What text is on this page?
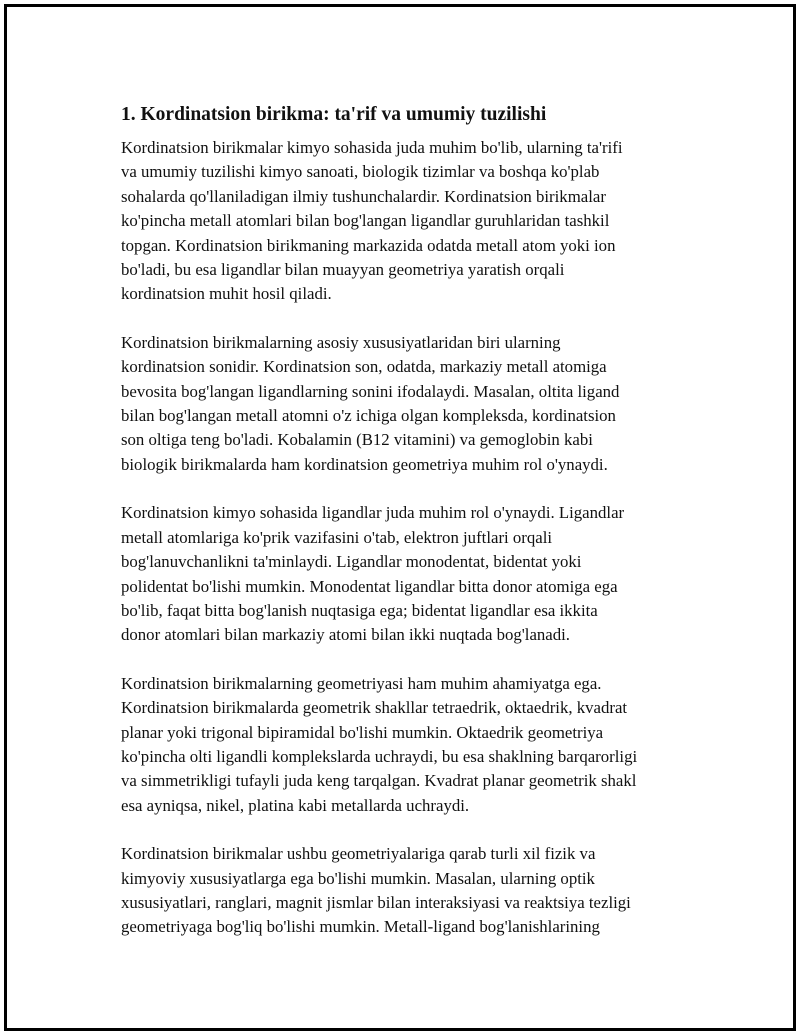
1. Kordinatsion birikma: ta'rif va umumiy tuzilishi

Kordinatsion birikmalar kimyo sohasida juda muhim bo'lib, ularning ta'rifi
va umumiy tuzilishi kimyo sanoati, biologik tizimlar va boshqa ko'plab
sohalarda qo'llaniladigan ilmiy tushunchalardir. Kordinatsion birikmalar
ko'pincha metall atomlari bilan bog'langan ligandlar guruhlaridan tashkil
topgan. Kordinatsion birikmaning markazida odatda metall atom yoki ion
bo'ladi, bu esa ligandlar bilan muayyan geometriya yaratish orqali
kordinatsion muhit hosil qiladi.

Kordinatsion birikmalarning asosiy xususiyatlaridan biri ularning
kordinatsion sonidir. Kordinatsion son, odatda, markaziy metall atomiga
bevosita bog'langan ligandlarning sonini ifodalaydi. Masalan, oltita ligand
bilan bog'langan metall atomni o'z ichiga olgan kompleksda, kordinatsion
son oltiga teng bo'ladi. Kobalamin (B12 vitamini) va gemoglobin kabi
biologik birikmalarda ham kordinatsion geometriya muhim rol o'ynaydi.

Kordinatsion kimyo sohasida ligandlar juda muhim rol o'ynaydi. Ligandlar
metall atomlariga ko'prik vazifasini o'tab, elektron juftlari orqali
bog'lanuvchanlikni ta'minlaydi. Ligandlar monodentat, bidentat yoki
polidentat bo'lishi mumkin. Monodentat ligandlar bitta donor atomiga ega
bo'lib, faqat bitta bog'lanish nuqtasiga ega; bidentat ligandlar esa ikkita
donor atomlari bilan markaziy atomi bilan ikki nuqtada bog'lanadi.

Kordinatsion birikmalarning geometriyasi ham muhim ahamiyatga ega.
Kordinatsion birikmalarda geometrik shakllar tetraedrik, oktaedrik, kvadrat
planar yoki trigonal bipiramidal bo'lishi mumkin. Oktaedrik geometriya
ko'pincha olti ligandli komplekslarda uchraydi, bu esa shaklning barqarorligi
va simmetrikligi tufayli juda keng tarqalgan. Kvadrat planar geometrik shakl
esa ayniqsa, nikel, platina kabi metallarda uchraydi.

Kordinatsion birikmalar ushbu geometriyalariga qarab turli xil fizik va
kimyoviy xususiyatlarga ega bo'lishi mumkin. Masalan, ularning optik
xususiyatlari, ranglari, magnit jismlar bilan interaksiyasi va reaktsiya tezligi
geometriyaga bog'liq bo'lishi mumkin. Metall-ligand bog'lanishlarining
